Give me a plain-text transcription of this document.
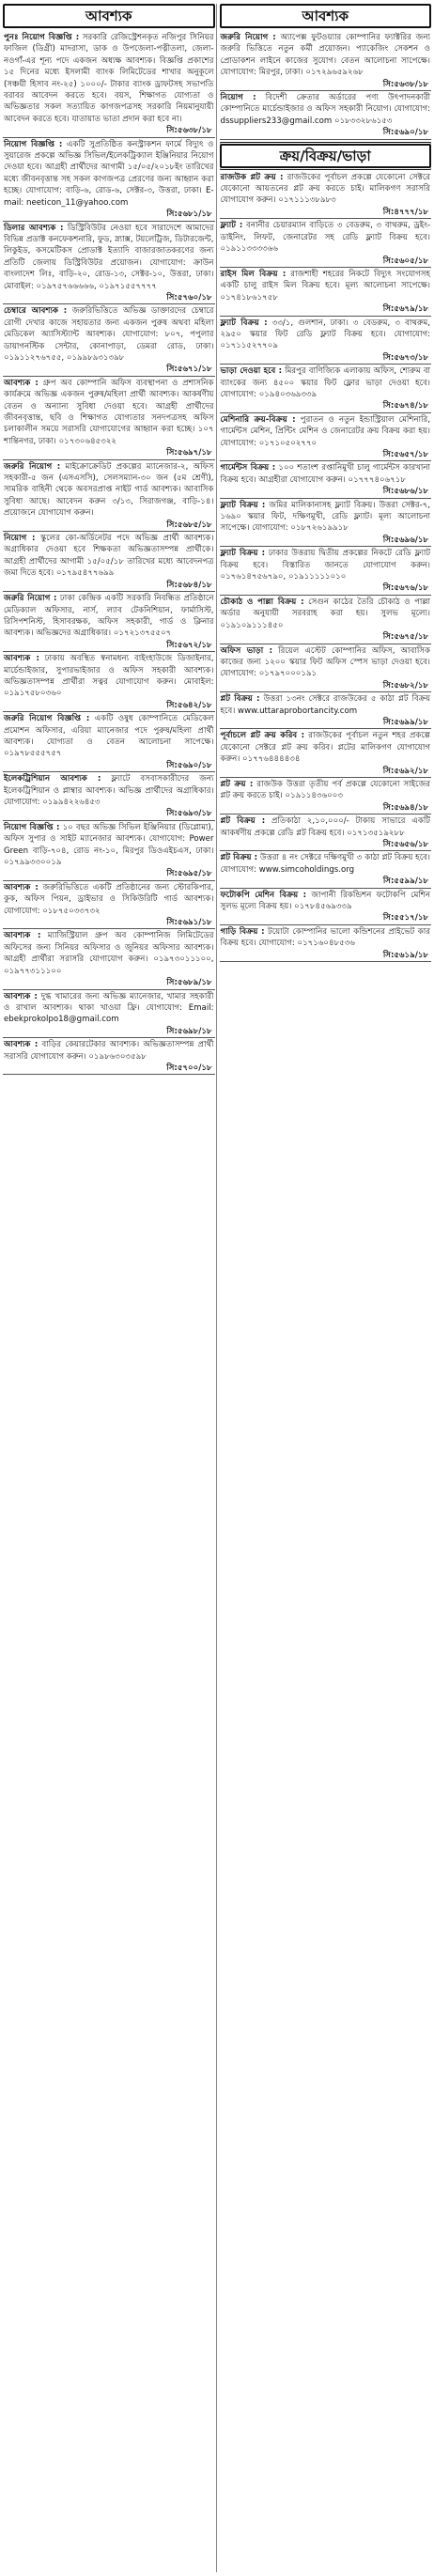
আবশ্যক
পুনঃ নিয়োগ বিজ্ঞপ্তি : সরকারি রেজিস্ট্রেশনকৃত নজিপুর সিনিয়র ফাজিল (ডিগ্রী) মাদরাসা, ডাক ও উপজেলা-পত্নীতলা, জেলা-নওগাঁ-এর শূন্য পদে একজন অধ্যক্ষ আবশ্যক। বিজ্ঞপ্তি প্রকাশের ১৫ দিনের মধ্যে ইসলামী ব্যাংক লিমিটেডের শাখার অনুকূলে (সঞ্চয়ী হিসাব নং-২৫) ১০০০/- টাকার ব্যাংক ড্রাফটসহ সভাপতি বরাবর আবেদন করতে হবে। বয়স, শিক্ষাগত যোগ্যতা ও অভিজ্ঞতার সকল সত্যায়িত কাগজপত্রসহ সরকারি নিয়মানুযায়ী আবেদন করতে হবে। যাতায়াত ভাতা প্রদান করা হবে না।
সি:৫৬৩৮/১৮
নিয়োগ বিজ্ঞপ্তি : একটি সুপ্রতিষ্ঠিত কনস্ট্রাকশন ফার্মে বিদ্যুৎ ও সুয়ারেজ প্রকল্পে অভিজ্ঞ সিভিল/ইলেকট্রিক্যাল ইঞ্জিনিয়ার নিয়োগ দেওয়া হবে। আগ্রহী প্রার্থীদের আগামী ১৫/০৫/২০১৮ইং তারিখের মধ্যে জীবনবৃত্তান্ত সহ সকল কাগজপত্র প্রেরণের জন্য আহ্বান করা হচ্ছে। যোগাযোগ: বাড়ি-৬, রোড-৬, সেক্টর-৩, উত্তরা, ঢাকা। E-mail: neeticon_11@yahoo.com
সি:৫৬৮১/১৮
ডিলার আবশ্যক : ডিস্ট্রিবিউটর নেওয়া হবে সারাদেশে আমাদের বিভিন্ন প্রডাক্ট কনফেকশনারি, ফুড, স্ন্যাক্স, টয়লেট্রিজ, ডিটারজেন্ট, লিকুইড, কসমেটিকস প্রোডাক্ট ইত্যাদি বাজারজাতকরণের জন্য প্রতিটি জেলায় ডিস্ট্রিবিউটর প্রয়োজন। যোগাযোগ: ক্রাউন বাংলাদেশ লিঃ, বাড়ি-২০, রোড-১৩, সেক্টর-১০, উত্তরা, ঢাকা। মোবাইল: ০১৯৭৫৭৬৬৬৬৬, ০১৯৭১৫৫৭৭৭৭
সি:৫৭৬০/১৮
চেম্বারে আবশ্যক : জরুরিভিত্তিতে অভিজ্ঞ ডাক্তারদের চেম্বারে রোগী দেখার কাজে সহায়তার জন্য একজন পুরুষ অথবা মহিলা মেডিকেল অ্যাসিস্ট্যান্ট আবশ্যক। যোগাযোগ: ৮০৭, পপুলার ডায়াগনস্টিক সেন্টার, কোনাপাড়া, ডেমরা রোড, ঢাকা। ০১৯১১২৭৬৭৫৫, ০১৯৯৮৯৩১৩৯৮
সি:৫৬৭১/১৮
আবশ্যক : গ্রুপ অব কোম্পানি অফিস ব্যবস্থাপনা ও প্রশাসনিক কার্যক্রমে অভিজ্ঞ একজন পুরুষ/মহিলা প্রার্থী আবশ্যক। আকর্ষণীয় বেতন ও অন্যান্য সুবিধা দেওয়া হবে। আগ্রহী প্রার্থীদের জীবনবৃত্তান্ত, ছবি ও শিক্ষাগত যোগ্যতার সনদপত্রসহ অফিস চলাকালীন সময়ে সরাসরি যোগাযোগের আহ্বান করা হচ্ছে। ১০৭ শান্তিনগর, ঢাকা। ০১৭৩০৬৪৫৩২২
সি:৫৬৯৭/১৮
জরুরি নিয়োগ : মাইক্রোক্রেডিট প্রকল্পের ম্যানেজার-২, অফিস সহকারী-৫ জন (এসএসসি), সেলসম্যান-৩০ জন (৫ম শ্রেণী), সামরিক বাহিনী থেকে অবসরপ্রাপ্ত নাইট গার্ড আবশ্যক। আবাসিক সুবিধা আছে। আবেদন করুন ৩/১৩, সিরাজগঞ্জ, বাড়ি-১৪। প্রয়োজনে যোগাযোগ করুন।
সি:৫৬৮৫/১৮
নিয়োগ : স্কুলের কো-অর্ডিনেটর পদে অভিজ্ঞ প্রার্থী আবশ্যক। অগ্রাধিকার দেওয়া হবে শিক্ষকতা অভিজ্ঞতাসম্পন্ন প্রার্থীকে। আগ্রহী প্রার্থীদের আগামী ১৫/০৫/১৮ তারিখের মধ্যে আবেদনপত্র জমা দিতে হবে। ০১৭৯৫৪৭৭৬৯৯
সি:৫৬৮৪/১৮
জরুরি নিয়োগ : ঢাকা কেন্দ্রিক একটি সরকারি নিবন্ধিত প্রতিষ্ঠানে মেডিক্যাল অফিসার, নার্স, ল্যাব টেকনিশিয়ান, ফার্মাসিস্ট, রিসিপশনিস্ট, হিসাবরক্ষক, অফিস সহকারী, গার্ড ও ক্লিনার আবশ্যক। অভিজ্ঞদের অগ্রাধিকার। ০১৭২১৩৭৫৫০৭
সি:৫৬৭২/১৮
আবশ্যক : ঢাকায় অবস্থিত স্বনামধন্য বাইংহাউজে ডিজাইনার, মার্চেন্ডাইজার, সুপারভাইজার ও অফিস সহকারী আবশ্যক। অভিজ্ঞতাসম্পন্ন প্রার্থীরা সত্বর যোগাযোগ করুন। মোবাইল: ০১৯১৭৫৮০৩৬০
সি:৫৬৪২/১৮
জরুরি নিয়োগ বিজ্ঞপ্তি : একটি ওষুধ কোম্পানিতে মেডিকেল প্রমোশন অফিসার, এরিয়া ম্যানেজার পদে পুরুষ/মহিলা প্রার্থী আবশ্যক। যোগ্যতা ও বেতন আলোচনা সাপেক্ষে। ০১৯৭৮৫৫৫৭৫৭
সি:৫৬৯০/১৮
ইলেকট্রিশিয়ান আবশ্যক : ফ্ল্যাটে বসবাসকারীদের জন্য ইলেকট্রিশিয়ান ও প্লাম্বার আবশ্যক। অভিজ্ঞ প্রার্থীদের অগ্রাধিকার। যোগাযোগ: ০১৯৯৪২২৬৪৫৩
সি:৫৬৯৩/১৮
নিয়োগ বিজ্ঞপ্তি : ১০ বছর অভিজ্ঞ সিভিল ইঞ্জিনিয়ার (ডিপ্লোমা), অফিস সুপার ও সাইট ম্যানেজার আবশ্যক। যোগাযোগ: Power Green বাড়ি-৭০৪, রোড নং-১০, মিরপুর ডিওএইচএস, ঢাকা। ০১৭৯৯৩৩০০১৯
সি:৫৬৯৫/১৮
আবশ্যক : জরুরিভিত্তিতে একটি প্রতিষ্ঠানের জন্য স্টোরকিপার, কুক, অফিস পিয়ন, ড্রাইভার ও সিকিউরিটি গার্ড আবশ্যক। যোগাযোগ: ০১৮৭৫০৩৩৭৩২
সি:৫৬৯১/১৮
আবশ্যক : ম্যাজিস্ট্রিয়াল গ্রুপ অব কোম্পানিজ লিমিটেডের অফিসের জন্য সিনিয়র অফিসার ও জুনিয়র অফিসার আবশ্যক। আগ্রহী প্রার্থীরা সরাসরি যোগাযোগ করুন। ০১৯৭৩০১১১০০, ০১৯৭৭৩১১১০০
সি:৫৬৮৯/১৮
আবশ্যক : দুগ্ধ খামারের জন্য অভিজ্ঞ ম্যানেজার, খামার সহকারী ও রাখাল আবশ্যক। থাকা খাওয়া ফ্রি। যোগাযোগ: Email: ebekprokolpo18@gmail.com
সি:৫৬৯৮/১৮
আবশ্যক : বাড়ির কেয়ারটেকার আবশ্যক। অভিজ্ঞতাসম্পন্ন প্রার্থী সরাসরি যোগাযোগ করুন। ০১৯৮৬৩০৩৫৯৮
সি:৫৭০০/১৮
আবশ্যক
জরুরি নিয়োগ : অ্যাপেক্স ফুটওয়্যার কোম্পানির ফ্যাক্টরির জন্য জরুরি ভিত্তিতে নতুন কর্মী প্রয়োজন। প্যাকেজিং সেকশন ও প্রোডাকশন লাইনে কাজের সুযোগ। বেতন আলোচনা সাপেক্ষে। যোগাযোগ: মিরপুর, ঢাকা। ০১৭২৯৬৫৯২৬৮
সি:৫৬৩৮/১৮
নিয়োগ : বিদেশী ক্রেতার অর্ডারের পণ্য উৎপাদনকারী কোম্পানিতে মার্চেন্ডাইজার ও অফিস সহকারী নিয়োগ। যোগাযোগ: dssuppliers233@gmail.com ০১৮৩৩২৮৬১৫৩
সি:৫৬৯০/১৮
ক্রয়/বিক্রয়/ভাড়া
রাজউক প্লট ক্রয় : রাজউকের পূর্বাচল প্রকল্পে যেকোনো সেক্টরে যেকোনো আয়তনের প্লট ক্রয় করতে চাই। মালিকগণ সরাসরি যোগাযোগ করুন। ০১৭১১১৩৮৯৮৩
সি:৪৭৭৭/১৮
ফ্ল্যাট : বনানীর চেয়ারম্যান বাড়িতে ৩ বেডরুম, ৩ বাথরুম, ড্রইং-ডাইনিং, লিফট, জেনারেটর সহ রেডি ফ্ল্যাট বিক্রয় হবে। ০১৯১১৩৩৩৩৬৬
সি:৫৬০৫/১৮
রাইস মিল বিক্রয় : রাজশাহী শহরের নিকটে বিদ্যুৎ সংযোগসহ একটি চালু রাইস মিল বিক্রয় হবে। মূল্য আলোচনা সাপেক্ষে। ০১৭৪১৮৬১৭৫৮
সি:৫৬৭৯/১৮
ফ্ল্যাট বিক্রয় : ৩৩/১, গুলশান, ঢাকা। ৩ বেডরুম, ৩ বাথরুম, ২৯৫০ স্কয়ার ফিট রেডি ফ্ল্যাট বিক্রয় হবে। যোগাযোগ: ০১৭১১৫২৭৭০৯
সি:৫৬৭৩/১৮
ভাড়া দেওয়া হবে : মিরপুর বাণিজ্যিক এলাকায় অফিস, শোরুম বা ব্যাংকের জন্য ৪৫০০ স্কয়ার ফিট ফ্লোর ভাড়া দেওয়া হবে। যোগাযোগ: ০১৯৪০৩৬৯৩৩৯
সি:৫৬৭৪/১৮
মেশিনারি ক্রয়-বিক্রয় : পুরাতন ও নতুন ইন্ডাস্ট্রিয়াল মেশিনারি, গার্মেন্টস মেশিন, প্রিন্টিং মেশিন ও জেনারেটর ক্রয় বিক্রয় করা হয়। যোগাযোগ: ০১৭১০৫০২৭৭০
সি:৫৬৫৭/১৮
গার্মেন্টস বিক্রয় : ১০০ শতাংশ রপ্তানিমুখী চালু গার্মেন্টস কারখানা বিক্রয় হবে। আগ্রহীরা যোগাযোগ করুন। ০১৭৭৭৪০৬৭১৮
সি:৫৬৮৬/১৮
ফ্ল্যাট বিক্রয় : জমির মালিকানাসহ ফ্ল্যাট বিক্রয়। উত্তরা সেক্টর-৭, ১৬৯০ স্কয়ার ফিট, দক্ষিণমুখী, রেডি ফ্ল্যাট। মূল্য আলোচনা সাপেক্ষে। যোগাযোগ: ০১৮৭২৬১৯৯১৮
সি:৫৬৯৬/১৮
ফ্ল্যাট বিক্রয় : ঢাকার উত্তরায় দ্বিতীয় প্রকল্পের নিকটে রেডি ফ্ল্যাট বিক্রয় হবে। বিস্তারিত জানতে যোগাযোগ করুন। ০১৭৬১৪৭৫৬৭৯০, ০১৯১১১১১০১০
সি:৫৬৭৬/১৮
চৌকাঠ ও পাল্লা বিক্রয় : সেগুন কাঠের তৈরি চৌকাঠ ও পাল্লা অর্ডার অনুযায়ী সরবরাহ করা হয়। সুলভ মূল্যে। ০১৯১০৯১১১৪৫০
সি:৫৬৭৫/১৮
অফিস ভাড়া : রিয়েল এস্টেট কোম্পানির অফিস, আবাসিক কাজের জন্য ১২০০ স্কয়ার ফিট অফিস স্পেস ভাড়া দেওয়া হবে। যোগাযোগ: ০১৭৯৭০০০১৯১
সি:৫৬৮২/১৮
প্লট বিক্রয় : উত্তরা ১৩নং সেক্টরে রাজউকের ৫ কাঠা প্লট বিক্রয় হবে। www.uttaraprobortancity.com
সি:৫৬৯৯/১৮
পূর্বাচলে প্লট ক্রয় করিব : রাজউকের পূর্বাচল নতুন শহর প্রকল্পে যেকোনো সেক্টরে প্লট ক্রয় করিব। প্লটের মালিকগণ যোগাযোগ করুন। ০১৭৭৬৪৪৪৪৩৪
সি:৫৬৯২/১৮
প্লট ক্রয় : রাজউক উত্তরা তৃতীয় পর্ব প্রকল্পে যেকোনো সাইজের প্লট ক্রয় করতে চাই। ০১৯১১৪৩৬০০৩
সি:৫৬৯৪/১৮
প্লট বিক্রয় : প্রতিকাঠা ২,১০,০০০/- টাকায় সাভারে একটি আকর্ষণীয় প্রকল্পে রেডি প্লট বিক্রয় হবে। ০১৭১৩৫১৯২৮৮
সি:৫৬৫৬/১৮
প্লট বিক্রয় : উত্তরা ৪ নং সেক্টরে দক্ষিণমুখী ৩ কাঠা প্লট বিক্রয় হবে। যোগাযোগ: www.simcoholdings.org
সি:৫৫৯৯/১৮
ফটোকপি মেশিন বিক্রয় : জাপানী রিকন্ডিশন ফটোকপি মেশিন সুলভ মূল্যে বিক্রয় হয়। ০১৭৮৪৫৬৯৩৩৯
সি:৫৫১৭/১৮
গাড়ি বিক্রয় : টয়োটা কোম্পানির ভালো কন্ডিশনের প্রাইভেট কার বিক্রয় হবে। যোগাযোগ: ০১৭১৬০৪৮৫৩৬
সি:৫৬১৯/১৮
